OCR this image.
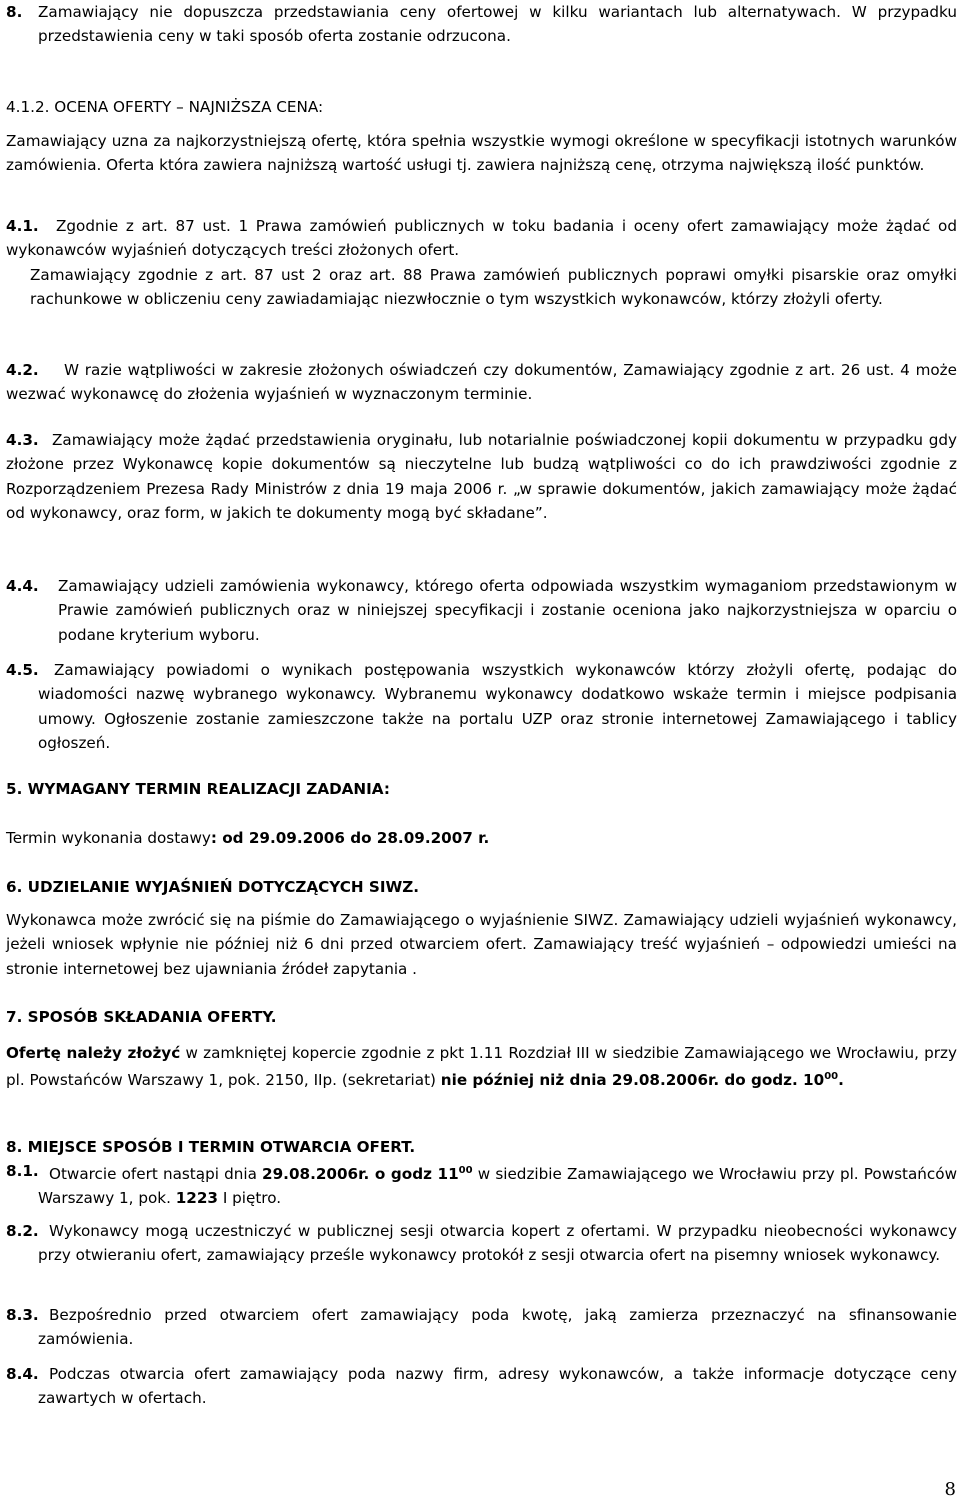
8. Zamawiający nie dopuszcza przedstawiania ceny ofertowej w kilku wariantach lub alternatywach. W przypadku przedstawienia ceny w taki sposób oferta zostanie odrzucona.

4.1.2. OCENA OFERTY – NAJNIŻSZA CENA:

Zamawiający uzna za najkorzystniejszą ofertę, która spełnia wszystkie wymogi określone w specyfikacji istotnych warunków zamówienia. Oferta która zawiera najniższą wartość usługi tj. zawiera najniższą cenę, otrzyma największą ilość punktów.

4.1.	Zgodnie z art. 87 ust. 1 Prawa zamówień publicznych w toku badania i oceny ofert zamawiający może żądać od wykonawców wyjaśnień dotyczących treści złożonych ofert.

Zamawiający zgodnie z art. 87 ust 2 oraz art. 88 Prawa zamówień publicznych poprawi omyłki pisarskie oraz omyłki rachunkowe w obliczeniu ceny zawiadamiając niezwłocznie o tym wszystkich wykonawców, którzy złożyli oferty.

4.2.	W razie wątpliwości w zakresie złożonych oświadczeń czy dokumentów, Zamawiający zgodnie z art. 26 ust. 4 może wezwać wykonawcę do złożenia wyjaśnień w wyznaczonym terminie.

4.3. Zamawiający może żądać przedstawienia oryginału, lub notarialnie poświadczonej kopii dokumentu w przypadku gdy złożone przez Wykonawcę kopie dokumentów są nieczytelne lub budzą wątpliwości co do ich prawdziwości zgodnie z Rozporządzeniem Prezesa Rady Ministrów z dnia 19 maja 2006 r. „w sprawie dokumentów, jakich zamawiający może żądać od wykonawcy, oraz form, w jakich te dokumenty mogą być składane”.

4.4. Zamawiający udzieli zamówienia wykonawcy, którego oferta odpowiada wszystkim wymaganiom przedstawionym w Prawie zamówień publicznych oraz w niniejszej specyfikacji i zostanie oceniona jako najkorzystniejsza w oparciu o podane kryterium wyboru.

4.5.	Zamawiający powiadomi o wynikach postępowania wszystkich wykonawców którzy złożyli ofertę, podając do wiadomości nazwę wybranego wykonawcy. Wybranemu wykonawcy dodatkowo wskaże termin i miejsce podpisania umowy. Ogłoszenie zostanie zamieszczone także na portalu UZP oraz stronie internetowej Zamawiającego i tablicy ogłoszeń.

5. WYMAGANY TERMIN REALIZACJI ZADANIA:

Termin wykonania dostawy: od 29.09.2006 do 28.09.2007 r.

6. UDZIELANIE WYJAŚNIEŃ DOTYCZĄCYCH SIWZ.

Wykonawca może zwrócić się na piśmie do Zamawiającego o wyjaśnienie SIWZ. Zamawiający udzieli wyjaśnień wykonawcy, jeżeli wniosek wpłynie nie później niż 6 dni przed otwarciem ofert. Zamawiający treść wyjaśnień – odpowiedzi umieści na stronie internetowej bez ujawniania źródeł zapytania .

7. SPOSÓB SKŁADANIA OFERTY.

Ofertę należy złożyć w zamkniętej kopercie zgodnie z pkt 1.11 Rozdział III w siedzibie Zamawiającego we Wrocławiu, przy pl. Powstańców Warszawy 1, pok. 2150, IIp. (sekretariat) nie później niż dnia 29.08.2006r. do godz. $10^{00}$.

8. MIEJSCE SPOSÓB I TERMIN OTWARCIA OFERT.

8.1. Otwarcie ofert nastąpi dnia 29.08.2006r. o godz $11^{00}$ w siedzibie Zamawiającego we Wrocławiu przy pl. Powstańców Warszawy 1, pok. 1223 I piętro.

8.2. Wykonawcy mogą uczestniczyć w publicznej sesji otwarcia kopert z ofertami. W przypadku nieobecności wykonawcy przy otwieraniu ofert, zamawiający prześle wykonawcy protokół z sesji otwarcia ofert na pisemny wniosek wykonawcy.

8.3. Bezpośrednio przed otwarciem ofert zamawiający poda kwotę, jaką zamierza przeznaczyć na sfinansowanie zamówienia.

8.4. Podczas otwarcia ofert zamawiający poda nazwy firm, adresy wykonawców, a także informacje dotyczące ceny zawartych w ofertach.

8
